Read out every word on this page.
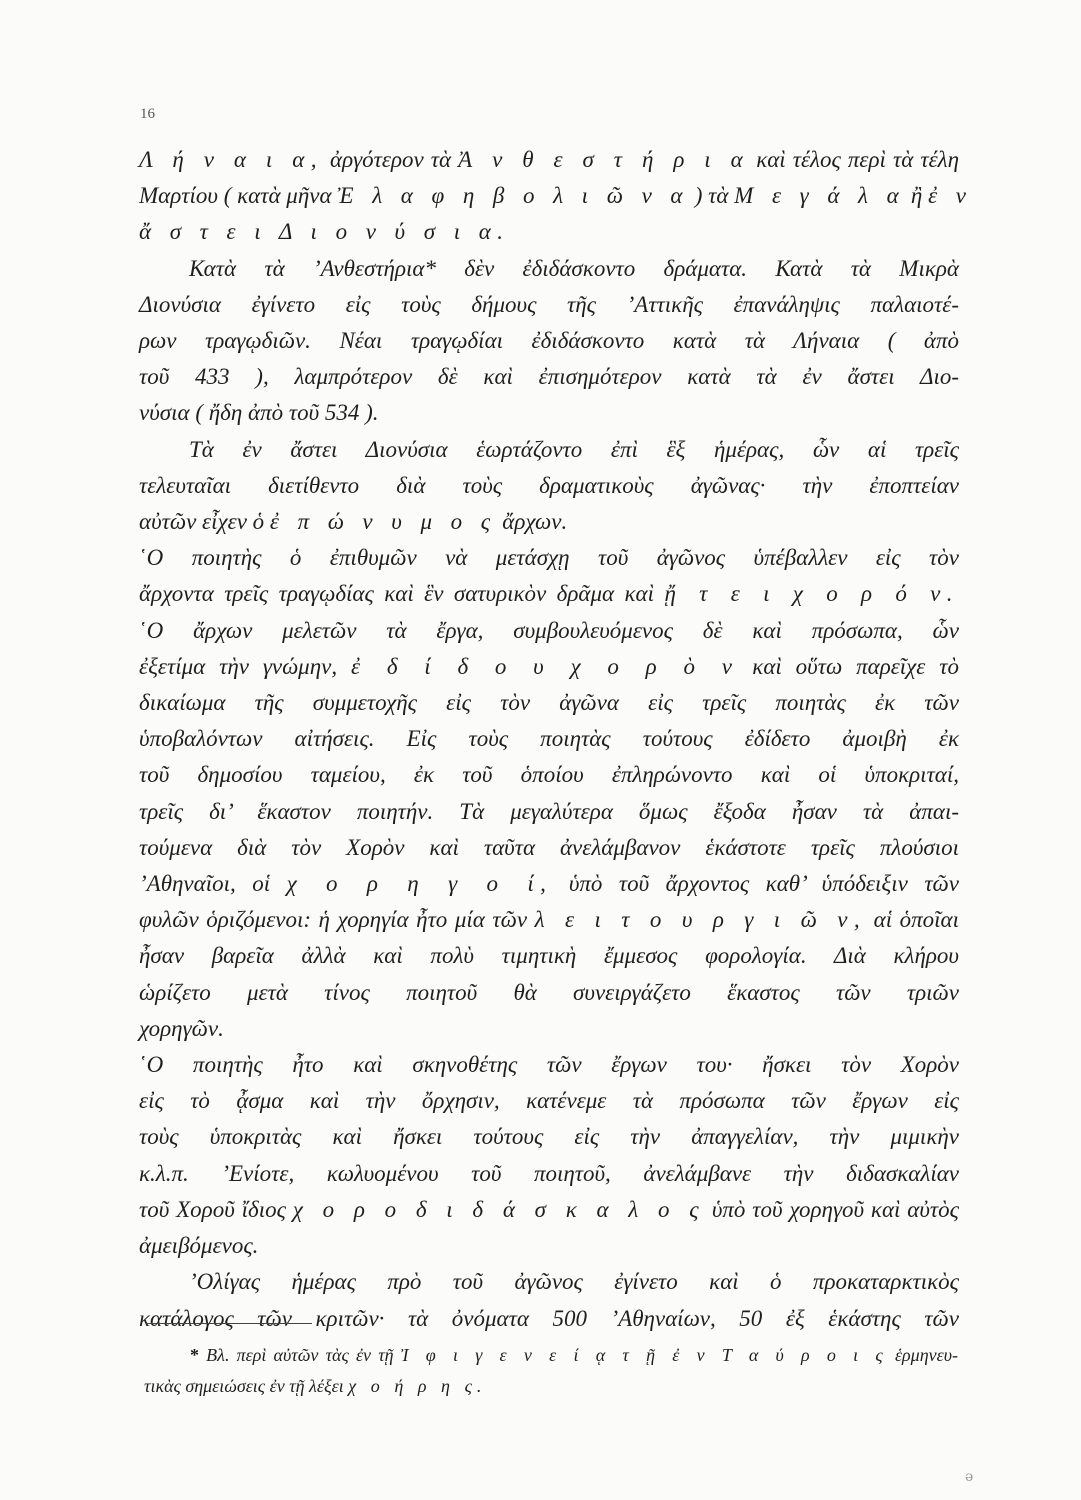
16
Λ ή ν α ι α, ἀργότερον τὰ Ἀ ν θ ε σ τ ή ρ ι α καὶ τέλος περὶ τὰ τέλη
Μαρτίου ( κατὰ μῆνα Ἐ λ α φ η β ο λ ι ῶ ν α ) τὰ Μ ε γ ά λ α ἢ ἐ ν
ἄ σ τ ε ι Δ ι ο ν ύ σ ι α.
Κατὰ τὰ ’Ανθεστήρια* δὲν ἐδιδάσκοντο δράματα. Κατὰ τὰ Μικρὰ
Διονύσια ἐγίνετο εἰς τοὺς δήμους τῆς ’Αττικῆς ἐπανάληψις παλαιοτέ-
ρων τραγῳδιῶν. Νέαι τραγῳδίαι ἐδιδάσκοντο κατὰ τὰ Λήναια ( ἀπὸ
τοῦ 433 ), λαμπρότερον δὲ καὶ ἐπισημότερον κατὰ τὰ ἐν ἄστει Διο-
νύσια ( ἤδη ἀπὸ τοῦ 534 ).
Τὰ ἐν ἄστει Διονύσια ἑωρτάζοντο ἐπὶ ἓξ ἡμέρας, ὧν αἱ τρεῖς
τελευταῖαι διετίθεντο διὰ τοὺς δραματικοὺς ἀγῶνας· τὴν ἐποπτείαν
αὐτῶν εἶχεν ὁ ἐ π ώ ν υ μ ο ς ἄρχων.
῾Ο ποιητὴς ὁ ἐπιθυμῶν νὰ μετάσχῃ τοῦ ἀγῶνος ὑπέβαλλεν εἰς τὸν
ἄρχοντα τρεῖς τραγῳδίας καὶ ἓν σατυρικὸν δρᾶμα καὶ ᾔ τ ε ι χ ο ρ ό ν.
῾Ο ἄρχων μελετῶν τὰ ἔργα, συμβουλευόμενος δὲ καὶ πρόσωπα, ὧν
ἐξετίμα τὴν γνώμην, ἐ δ ί δ ο υ χ ο ρ ὸ ν καὶ οὕτω παρεῖχε τὸ
δικαίωμα τῆς συμμετοχῆς εἰς τὸν ἀγῶνα εἰς τρεῖς ποιητὰς ἐκ τῶν
ὑποβαλόντων αἰτήσεις. Εἰς τοὺς ποιητὰς τούτους ἐδίδετο ἀμοιβὴ ἐκ
τοῦ δημοσίου ταμείου, ἐκ τοῦ ὁποίου ἐπληρώνοντο καὶ οἱ ὑποκριταί,
τρεῖς δι’ ἕκαστον ποιητήν. Τὰ μεγαλύτερα ὅμως ἔξοδα ἦσαν τὰ ἀπαι-
τούμενα διὰ τὸν Χορὸν καὶ ταῦτα ἀνελάμβανον ἑκάστοτε τρεῖς πλούσιοι
’Αθηναῖοι, οἱ χ ο ρ η γ ο ί, ὑπὸ τοῦ ἄρχοντος καθ’ ὑπόδειξιν τῶν
φυλῶν ὁριζόμενοι: ἡ χορηγία ἦτο μία τῶν λ ε ι τ ο υ ρ γ ι ῶ ν, αἱ ὁποῖαι
ἦσαν βαρεῖα ἀλλὰ καὶ πολὺ τιμητικὴ ἔμμεσος φορολογία. Διὰ κλήρου
ὡρίζετο μετὰ τίνος ποιητοῦ θὰ συνειργάζετο ἕκαστος τῶν τριῶν
χορηγῶν.
῾Ο ποιητὴς ἦτο καὶ σκηνοθέτης τῶν ἔργων του· ἤσκει τὸν Χορὸν
εἰς τὸ ᾆσμα καὶ τὴν ὄρχησιν, κατένεμε τὰ πρόσωπα τῶν ἔργων εἰς
τοὺς ὑποκριτὰς καὶ ἤσκει τούτους εἰς τὴν ἀπαγγελίαν, τὴν μιμικὴν
κ.λ.π. ’Ενίοτε, κωλυομένου τοῦ ποιητοῦ, ἀνελάμβανε τὴν διδασκαλίαν
τοῦ Χοροῦ ἴδιος χ ο ρ ο δ ι δ ά σ κ α λ ο ς ὑπὸ τοῦ χορηγοῦ καὶ αὐτὸς
ἀμειβόμενος.
’Ολίγας ἡμέρας πρὸ τοῦ ἀγῶνος ἐγίνετο καὶ ὁ προκαταρκτικὸς
κατάλογος τῶν κριτῶν· τὰ ὀνόματα 500 ’Αθηναίων, 50 ἐξ ἑκάστης τῶν
* Βλ. περὶ αὐτῶν τὰς ἐν τῇ Ἰ φ ι γ ε ν ε ί ᾳ τ ῇ ἐ ν Τ α ύ ρ ο ι ς ἑρμηνευ-
τικὰς σημειώσεις ἐν τῇ λέξει χ ο ή ρ η ς.
ə
